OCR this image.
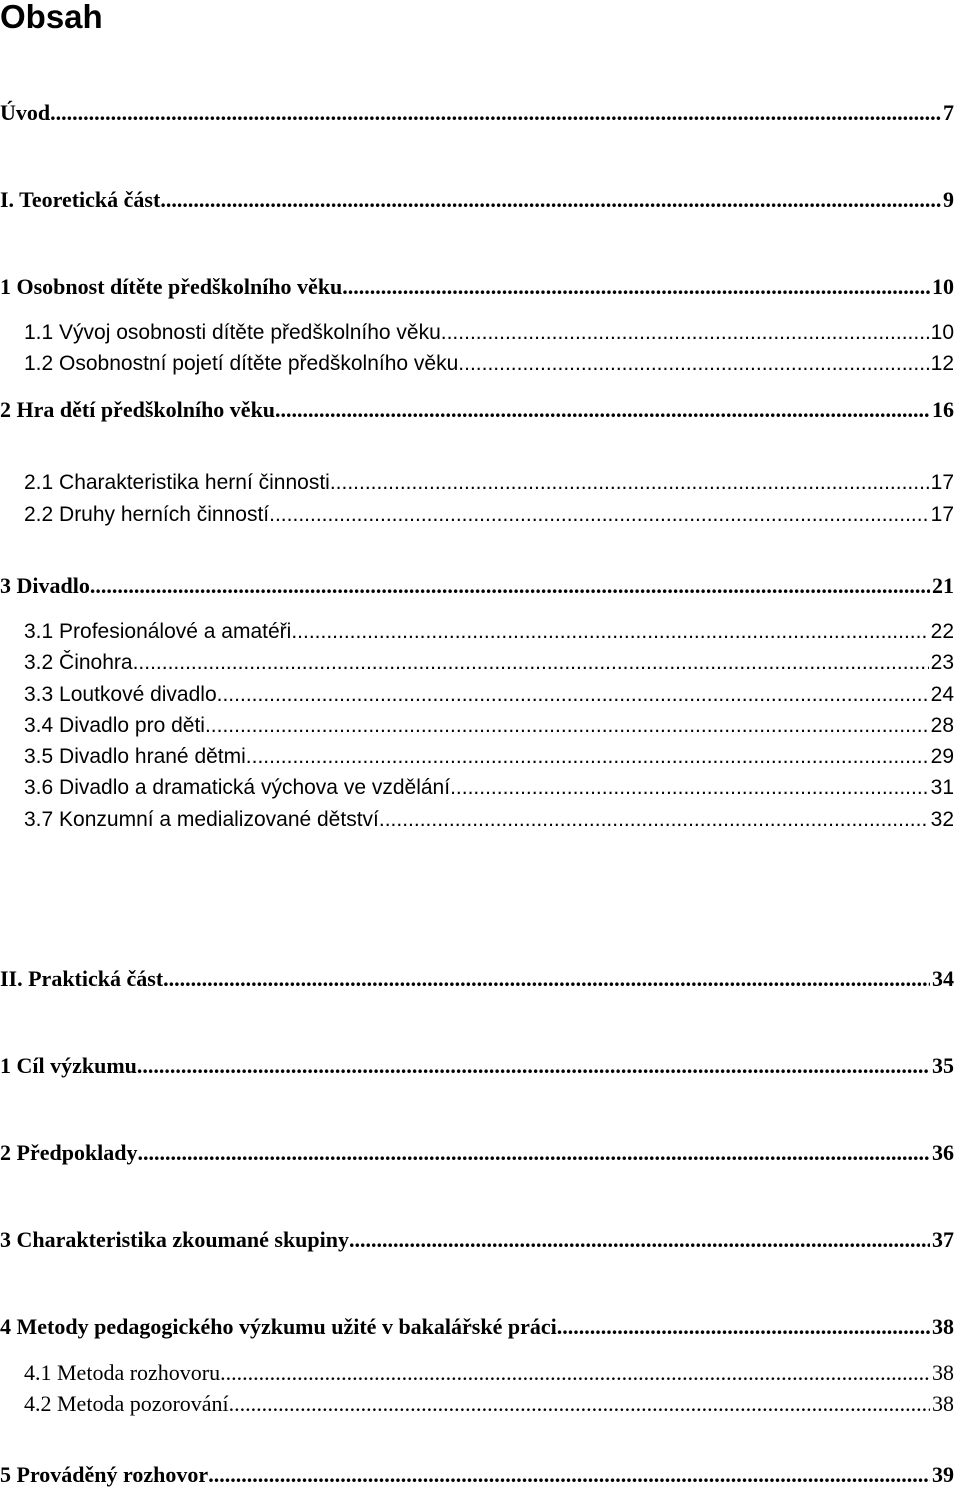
Obsah
Úvod .....	7
I. Teoretická část .....	9
1 Osobnost dítěte předškolního věku .....	10
1.1 Vývoj osobnosti dítěte předškolního věku .....	10
1.2 Osobnostní pojetí dítěte předškolního věku .....	12
2 Hra dětí předškolního věku .....	16
2.1 Charakteristika herní činnosti .....	17
2.2 Druhy herních činností .....	17
3 Divadlo .....	21
3.1 Profesionálové a amatéři .....	22
3.2 Činohra .....	23
3.3 Loutkové divadlo .....	24
3.4 Divadlo pro děti .....	28
3.5 Divadlo hrané dětmi .....	29
3.6 Divadlo a dramatická výchova ve vzdělání .....	31
3.7 Konzumní a medializované dětství .....	32
II. Praktická část .....	34
1 Cíl výzkumu .....	35
2 Předpoklady .....	36
3 Charakteristika zkoumané skupiny .....	37
4 Metody pedagogického výzkumu užité v bakalářské práci .....	38
4.1 Metoda rozhovoru .....	38
4.2 Metoda pozorování .....	38
5 Prováděný rozhovor .....	39
